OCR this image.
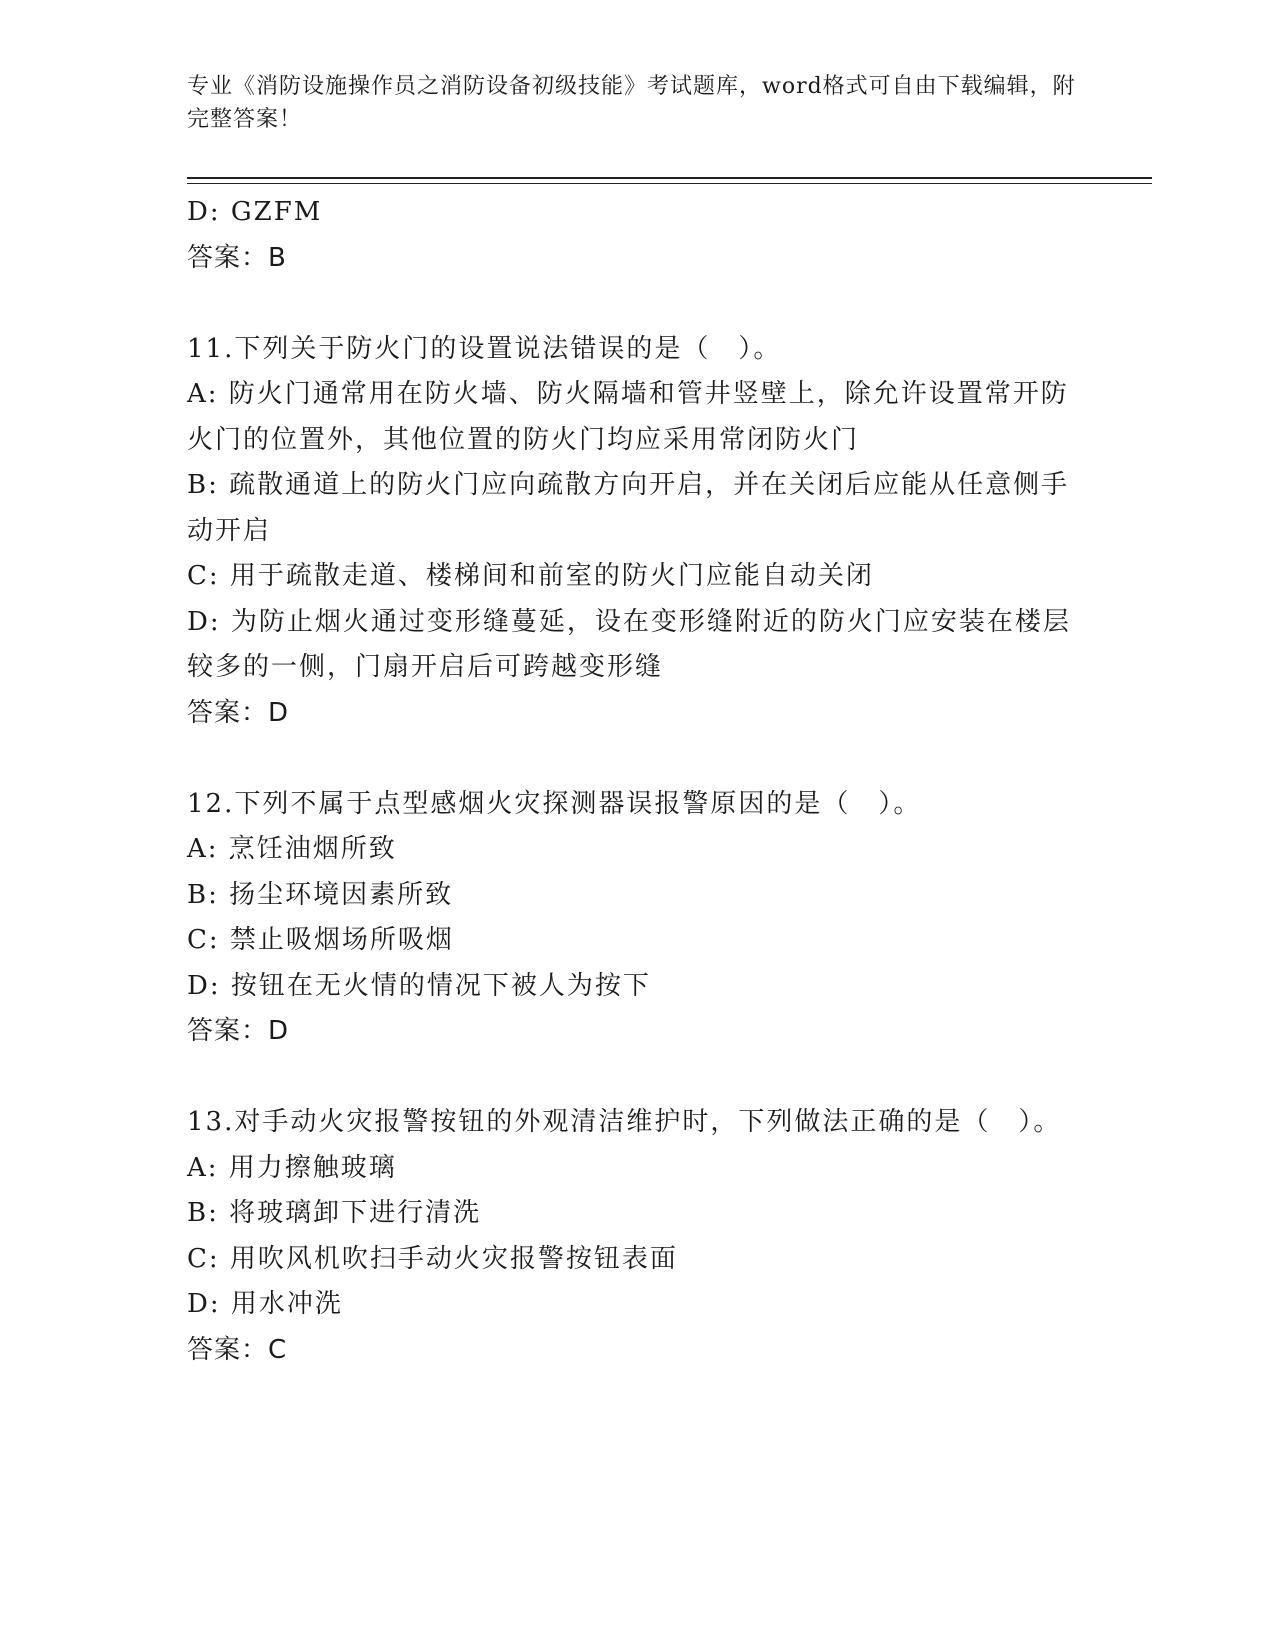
专业《消防设施操作员之消防设备初级技能》考试题库，word格式可自由下载编辑，附完整答案！
D: GZFM
答案：B
11.下列关于防火门的设置说法错误的是（　）。
A: 防火门通常用在防火墙、防火隔墙和管井竖壁上，除允许设置常开防火门的位置外，其他位置的防火门均应采用常闭防火门
B: 疏散通道上的防火门应向疏散方向开启，并在关闭后应能从任意侧手动开启
C: 用于疏散走道、楼梯间和前室的防火门应能自动关闭
D: 为防止烟火通过变形缝蔓延，设在变形缝附近的防火门应安装在楼层较多的一侧，门扇开启后可跨越变形缝
答案：D
12.下列不属于点型感烟火灾探测器误报警原因的是（　）。
A: 烹饪油烟所致
B: 扬尘环境因素所致
C: 禁止吸烟场所吸烟
D: 按钮在无火情的情况下被人为按下
答案：D
13.对手动火灾报警按钮的外观清洁维护时，下列做法正确的是（　）。
A: 用力擦触玻璃
B: 将玻璃卸下进行清洗
C: 用吹风机吹扫手动火灾报警按钮表面
D: 用水冲洗
答案：C
